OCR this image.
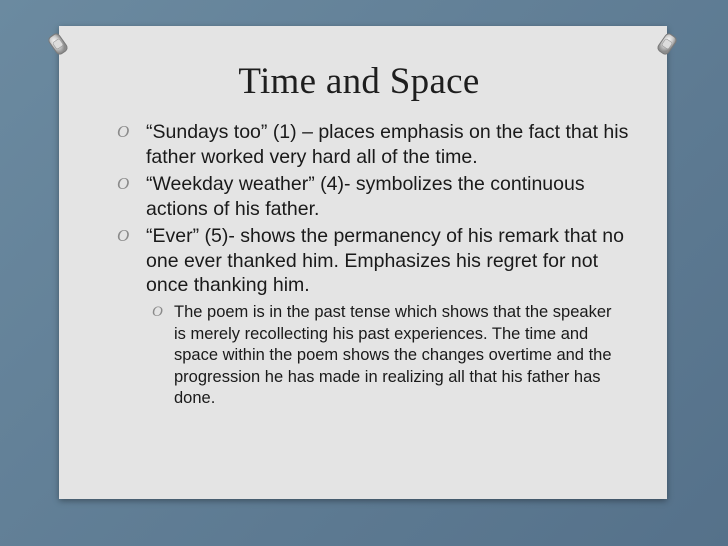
Time and Space
O “Sundays too” (1) – places emphasis on the fact that his father worked very hard all of the time.
O “Weekday weather” (4)- symbolizes the continuous actions of his father.
O “Ever” (5)- shows the permanency of his remark that no one ever thanked him. Emphasizes his regret for not once thanking him.
O The poem is in the past tense which shows that the speaker is merely recollecting his past experiences. The time and space within the poem shows the changes overtime and the progression he has made in realizing all that his father has done.
